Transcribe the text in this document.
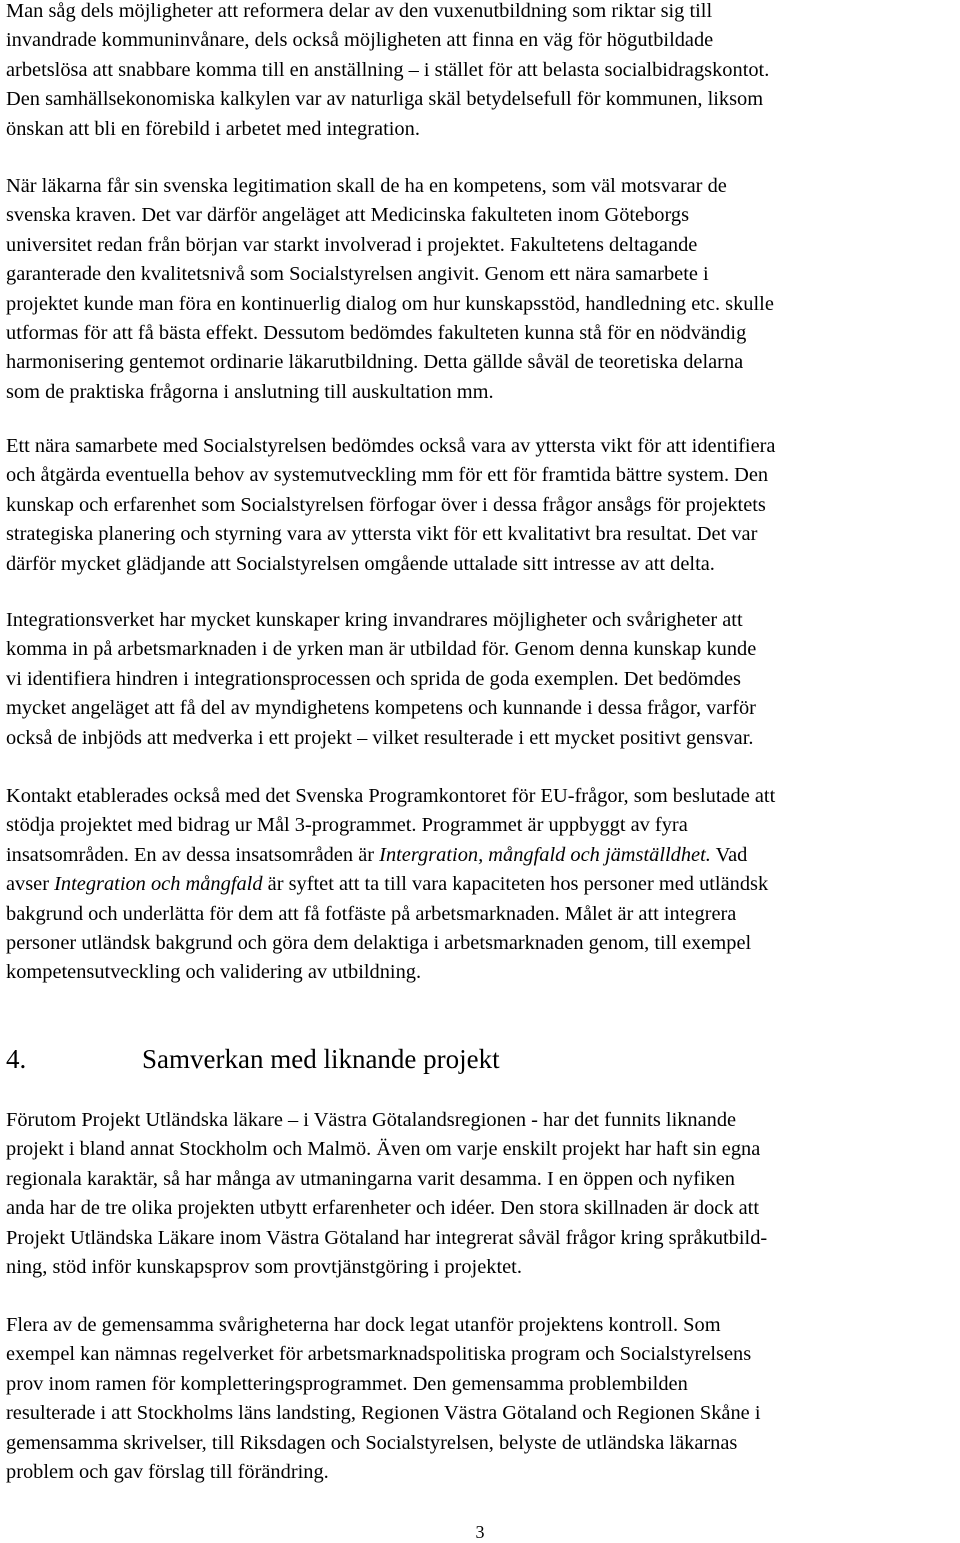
Man såg dels möjligheter att reformera delar av den vuxenutbildning som riktar sig till
invandrade kommuninvånare, dels också möjligheten att finna en väg för högutbildade
arbetslösa att snabbare komma till en anställning – i stället för att belasta socialbidragskontot.
Den samhällsekonomiska kalkylen var av naturliga skäl betydelsefull för kommunen, liksom
önskan att bli en förebild i arbetet med integration.

När läkarna får sin svenska legitimation skall de ha en kompetens, som väl motsvarar de
svenska kraven. Det var därför angeläget att Medicinska fakulteten inom Göteborgs
universitet redan från början var starkt involverad i projektet. Fakultetens deltagande
garanterade den kvalitetsnivå som Socialstyrelsen angivit. Genom ett nära samarbete i
projektet kunde man föra en kontinuerlig dialog om hur kunskapsstöd, handledning etc. skulle
utformas för att få bästa effekt. Dessutom bedömdes fakulteten kunna stå för en nödvändig
harmonisering gentemot ordinarie läkarutbildning. Detta gällde såväl de teoretiska delarna
som de praktiska frågorna i anslutning till auskultation mm.

Ett nära samarbete med Socialstyrelsen bedömdes också vara av yttersta vikt för att identifiera
och åtgärda eventuella behov av systemutveckling mm för ett för framtida bättre system. Den
kunskap och erfarenhet som Socialstyrelsen förfogar över i dessa frågor ansågs för projektets
strategiska planering och styrning vara av yttersta vikt för ett kvalitativt bra resultat. Det var
därför mycket glädjande att Socialstyrelsen omgående uttalade sitt intresse av att delta.

Integrationsverket har mycket kunskaper kring invandrares möjligheter och svårigheter att
komma in på arbetsmarknaden i de yrken man är utbildad för. Genom denna kunskap kunde
vi identifiera hindren i integrationsprocessen och sprida de goda exemplen. Det bedömdes
mycket angeläget att få del av myndighetens kompetens och kunnande i dessa frågor, varför
också de inbjöds att medverka i ett projekt – vilket resulterade i ett mycket positivt gensvar.

Kontakt etablerades också med det Svenska Programkontoret för EU-frågor, som beslutade att
stödja projektet med bidrag ur Mål 3-programmet. Programmet är uppbyggt av fyra
insatsområden. En av dessa insatsområden är Intergration, mångfald och jämställdhet. Vad
avser Integration och mångfald är syftet att ta till vara kapaciteten hos personer med utländsk
bakgrund och underlätta för dem att få fotfäste på arbetsmarknaden. Målet är att integrera
personer utländsk bakgrund och göra dem delaktiga i arbetsmarknaden genom, till exempel
kompetensutveckling och validering av utbildning.

4.	Samverkan med liknande projekt

Förutom Projekt Utländska läkare – i Västra Götalandsregionen - har det funnits liknande
projekt i bland annat Stockholm och Malmö. Även om varje enskilt projekt har haft sin egna
regionala karaktär, så har många av utmaningarna varit desamma. I en öppen och nyfiken
anda har de tre olika projekten utbytt erfarenheter och idéer. Den stora skillnaden är dock att
Projekt Utländska Läkare inom Västra Götaland har integrerat såväl frågor kring språkutbild-
ning, stöd inför kunskapsprov som provtjänstgöring i projektet.

Flera av de gemensamma svårigheterna har dock legat utanför projektens kontroll. Som
exempel kan nämnas regelverket för arbetsmarknadspolitiska program och Socialstyrelsens
prov inom ramen för kompletteringsprogrammet. Den gemensamma problembilden
resulterade i att Stockholms läns landsting, Regionen Västra Götaland och Regionen Skåne i
gemensamma skrivelser, till Riksdagen och Socialstyrelsen, belyste de utländska läkarnas
problem och gav förslag till förändring.

3
